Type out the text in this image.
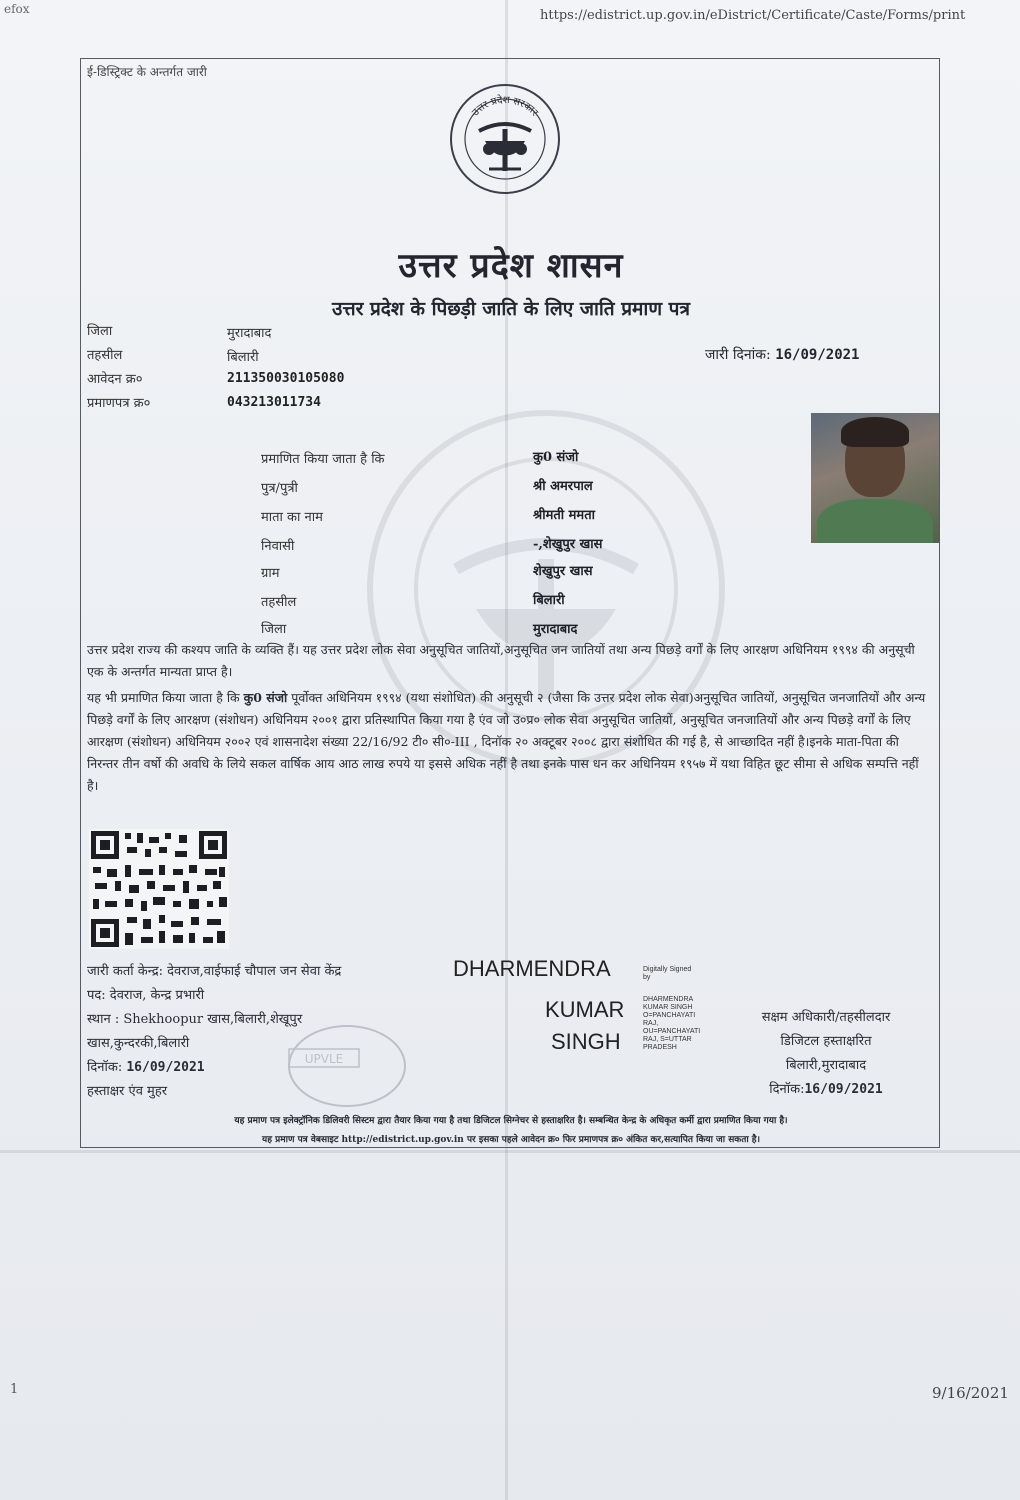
efox	https://edistrict.up.gov.in/eDistrict/Certificate/Caste/Forms/print
ई-डिस्ट्रिक्ट के अन्तर्गत जारी
उत्तर प्रदेश सरकार
उत्तर प्रदेश शासन
उत्तर प्रदेश के पिछड़ी जाति के लिए जाति प्रमाण पत्र
जिला	मुरादाबाद
तहसील	बिलारी
आवेदन क्र०	211350030105080
प्रमाणपत्र क्र०	043213011734
जारी दिनांक: 16/09/2021
प्रमाणित किया जाता है कि	कु0 संजो
पुत्र/पुत्री	श्री अमरपाल
माता का नाम	श्रीमती ममता
निवासी	-,शेखुपुर खास
ग्राम	शेखुपुर खास
तहसील	बिलारी
जिला	मुरादाबाद
उत्तर प्रदेश राज्य की कश्यप जाति के व्यक्ति हैं। यह उत्तर प्रदेश लोक सेवा अनुसूचित जातियों,अनुसूचित जन जातियों तथा अन्य पिछड़े वर्गों के लिए आरक्षण अधिनियम १९९४ की अनुसूची एक के अन्तर्गत मान्यता प्राप्त है।
यह भी प्रमाणित किया जाता है कि कु0 संजो पूर्वोक्त अधिनियम १९९४ (यथा संशोधित) की अनुसूची २ (जैसा कि उत्तर प्रदेश लोक सेवा)अनुसूचित जातियों, अनुसूचित जनजातियों और अन्य पिछड़े वर्गों के लिए आरक्षण (संशोधन) अधिनियम २००१ द्वारा प्रतिस्थापित किया गया है एंव जो उ०प्र० लोक सेवा अनुसूचित जातियों, अनुसूचित जनजातियों और अन्य पिछड़े वर्गों के लिए आरक्षण (संशोधन) अधिनियम २००२ एवं शासनादेश संख्या 22/16/92 टी० सी०-III , दिनॉक २० अक्टूबर २००८ द्वारा संशोधित की गई है, से आच्छादित नहीं है।इनके माता-पिता की निरन्तर तीन वर्षो की अवधि के लिये सकल वार्षिक आय आठ लाख रुपये या इससे अधिक नहीं है तथा इनके पास धन कर अधिनियम १९५७ में यथा विहित छूट सीमा से अधिक सम्पत्ति नहीं है।
जारी कर्ता केन्द्र: देवराज,वाईफाई चौपाल जन सेवा केंद्र
पद: देवराज, केन्द्र प्रभारी
स्थान : Shekhoopur खास,बिलारी,शेखूपुर
खास,कुन्दरकी,बिलारी
दिनॉक: 16/09/2021
हस्ताक्षर एंव मुहर
UPVLE
DHARMENDRA
KUMAR
SINGH
Digitally Signed
by
DHARMENDRA
KUMAR SINGH
O=PANCHAYATI
RAJ,
OU=PANCHAYATI
RAJ, S=UTTAR
PRADESH
सक्षम अधिकारी/तहसीलदार
डिजिटल हस्ताक्षरित
बिलारी,मुरादाबाद
दिनॉक:16/09/2021
यह प्रमाण पत्र इलेक्ट्रॉनिक डिलिवरी सिस्टम द्वारा तैयार किया गया है तथा डिजिटल सिग्नेचर से हस्ताक्षरित है। सम्बन्धित केन्द्र के अधिकृत कर्मी द्वारा प्रमाणित किया गया है।
यह प्रमाण पत्र वेबसाइट http://edistrict.up.gov.in पर इसका पहले आवेदन क्र० फिर प्रमाणपत्र क्र० अंकित कर,सत्यापित किया जा सकता है।
1	9/16/2021
